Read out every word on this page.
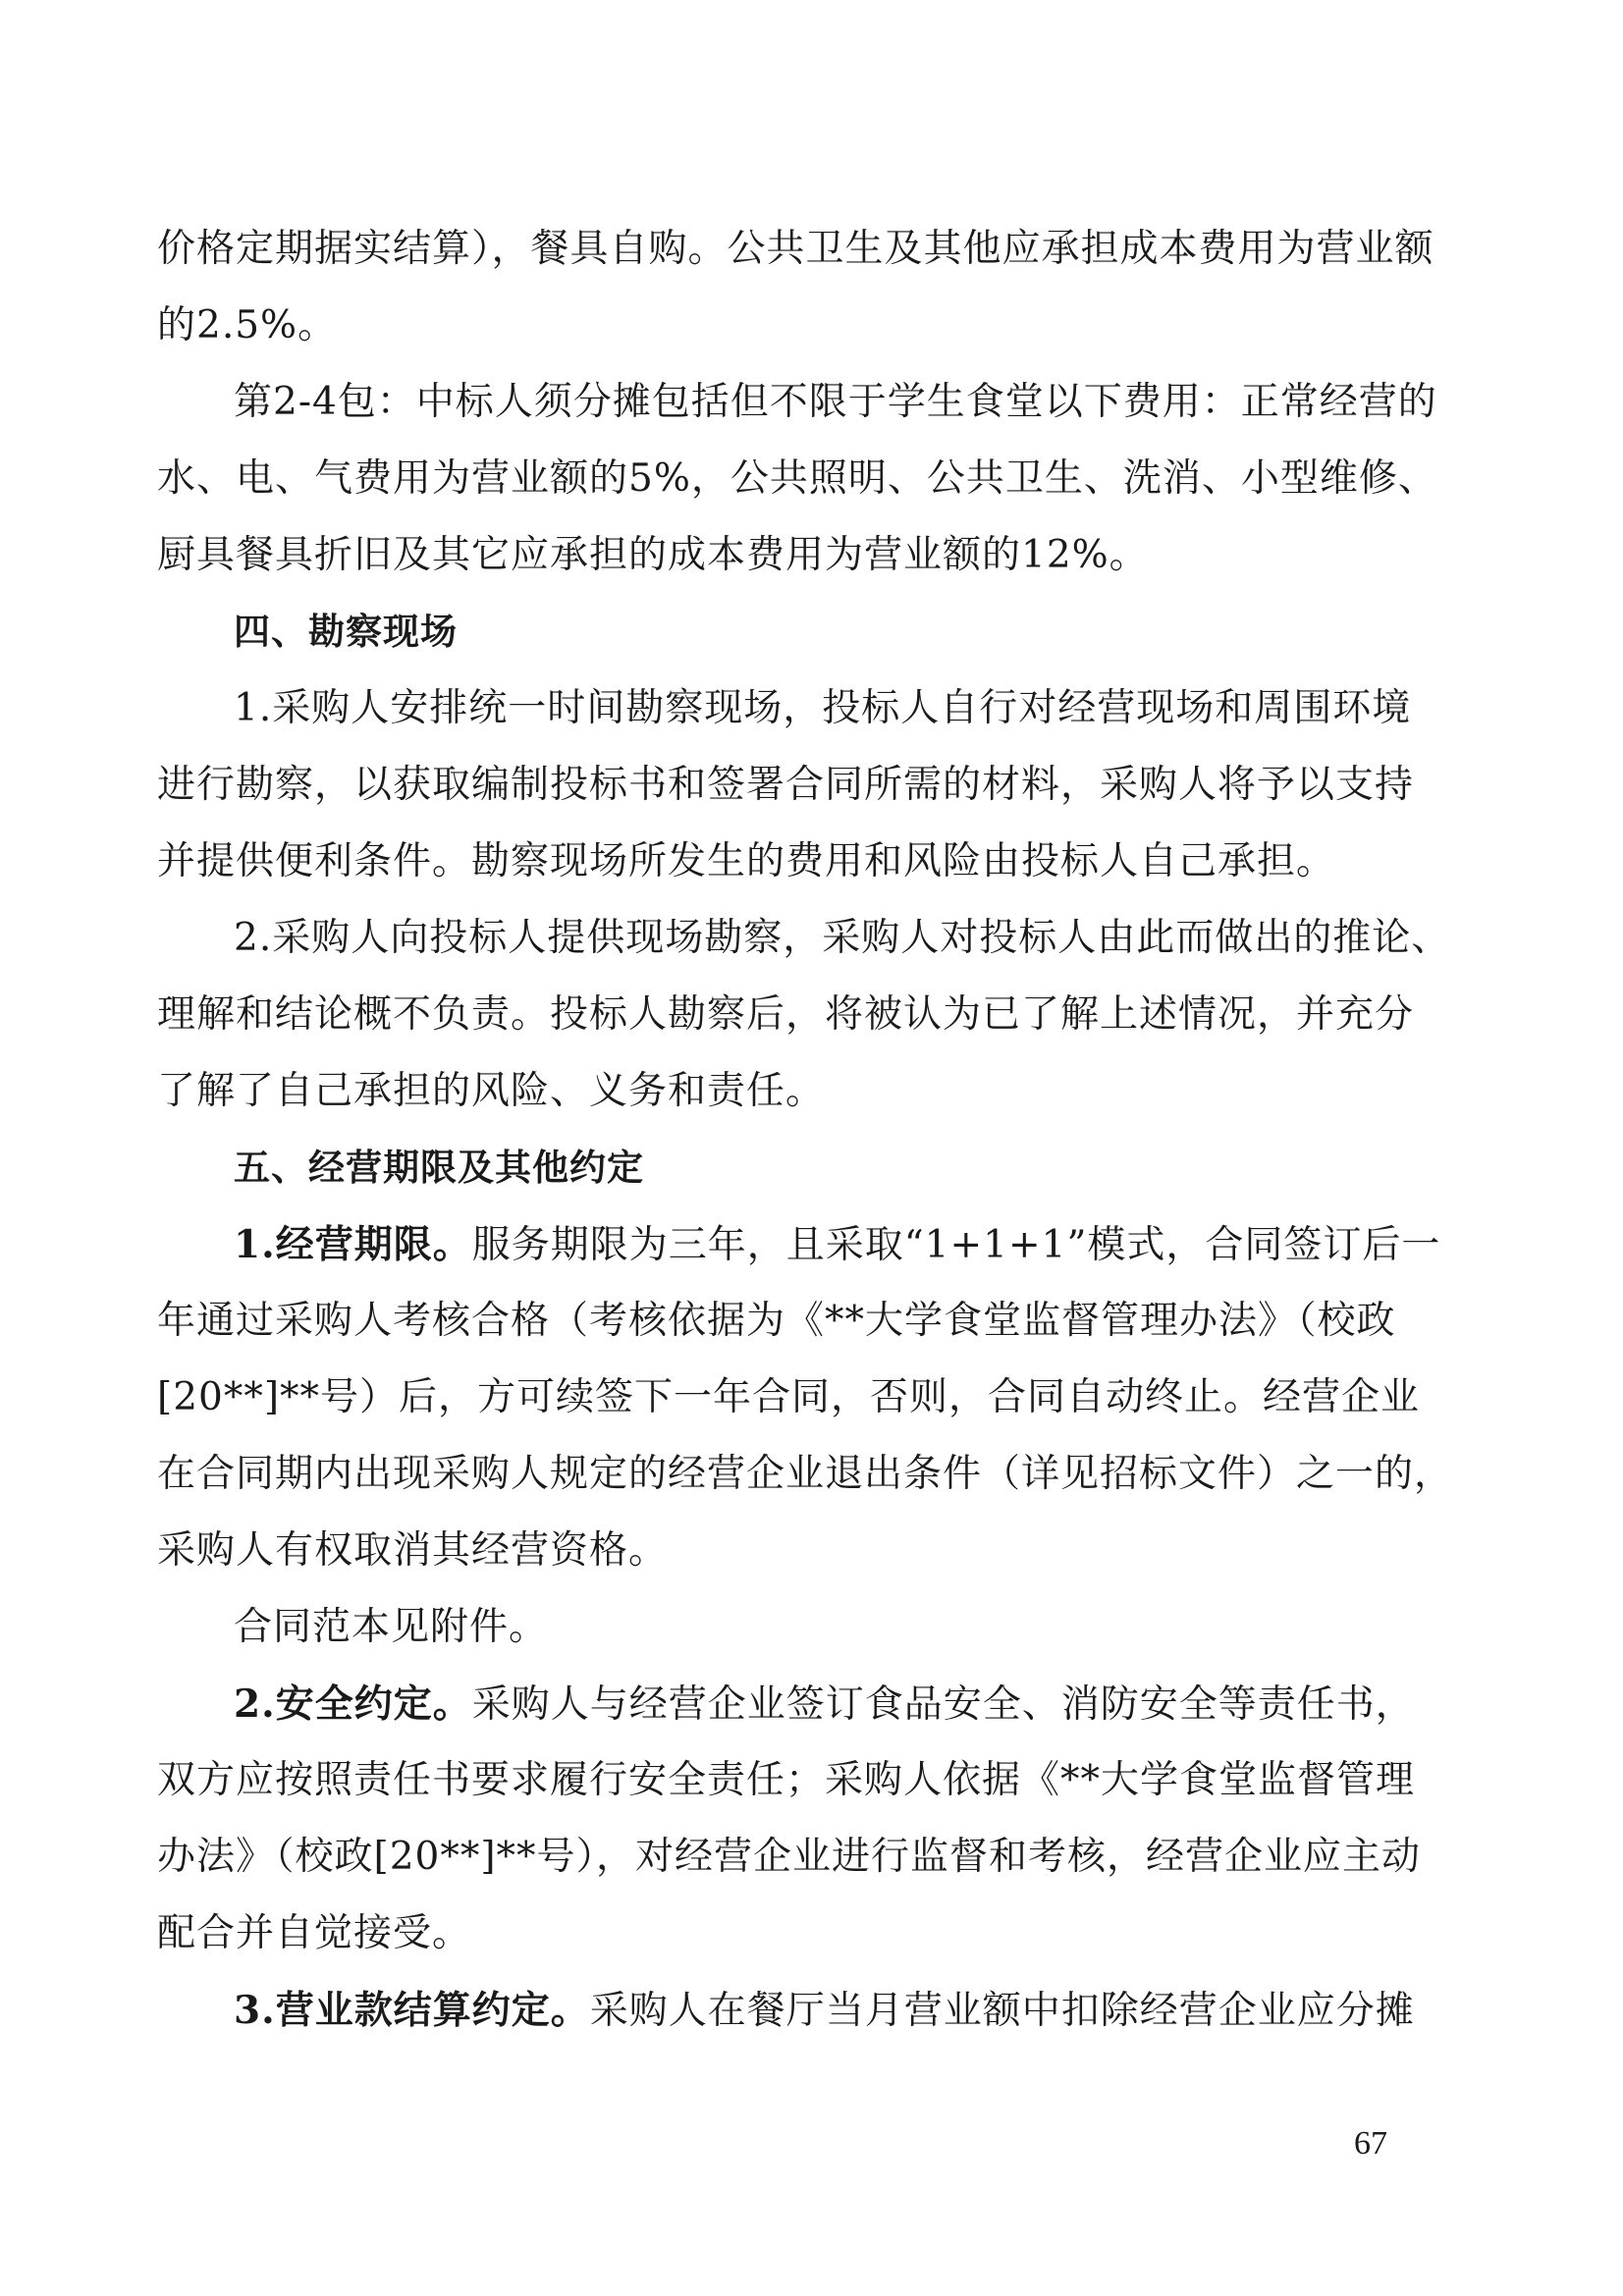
价格定期据实结算），餐具自购。公共卫生及其他应承担成本费用为营业额
的2.5%。
第2-4包：中标人须分摊包括但不限于学生食堂以下费用：正常经营的
水、电、气费用为营业额的5%，公共照明、公共卫生、洗消、小型维修、
厨具餐具折旧及其它应承担的成本费用为营业额的12%。
四、勘察现场
1.采购人安排统一时间勘察现场，投标人自行对经营现场和周围环境
进行勘察，以获取编制投标书和签署合同所需的材料，采购人将予以支持
并提供便利条件。勘察现场所发生的费用和风险由投标人自己承担。
2.采购人向投标人提供现场勘察，采购人对投标人由此而做出的推论、
理解和结论概不负责。投标人勘察后，将被认为已了解上述情况，并充分
了解了自己承担的风险、义务和责任。
五、经营期限及其他约定
1.经营期限。服务期限为三年，且采取“1+1+1”模式，合同签订后一
年通过采购人考核合格（考核依据为《**大学食堂监督管理办法》（校政
[20**]**号）后，方可续签下一年合同，否则，合同自动终止。经营企业
在合同期内出现采购人规定的经营企业退出条件（详见招标文件）之一的，
采购人有权取消其经营资格。
合同范本见附件。
2.安全约定。采购人与经营企业签订食品安全、消防安全等责任书，
双方应按照责任书要求履行安全责任；采购人依据《**大学食堂监督管理
办法》（校政[20**]**号），对经营企业进行监督和考核，经营企业应主动
配合并自觉接受。
3.营业款结算约定。采购人在餐厅当月营业额中扣除经营企业应分摊
67
